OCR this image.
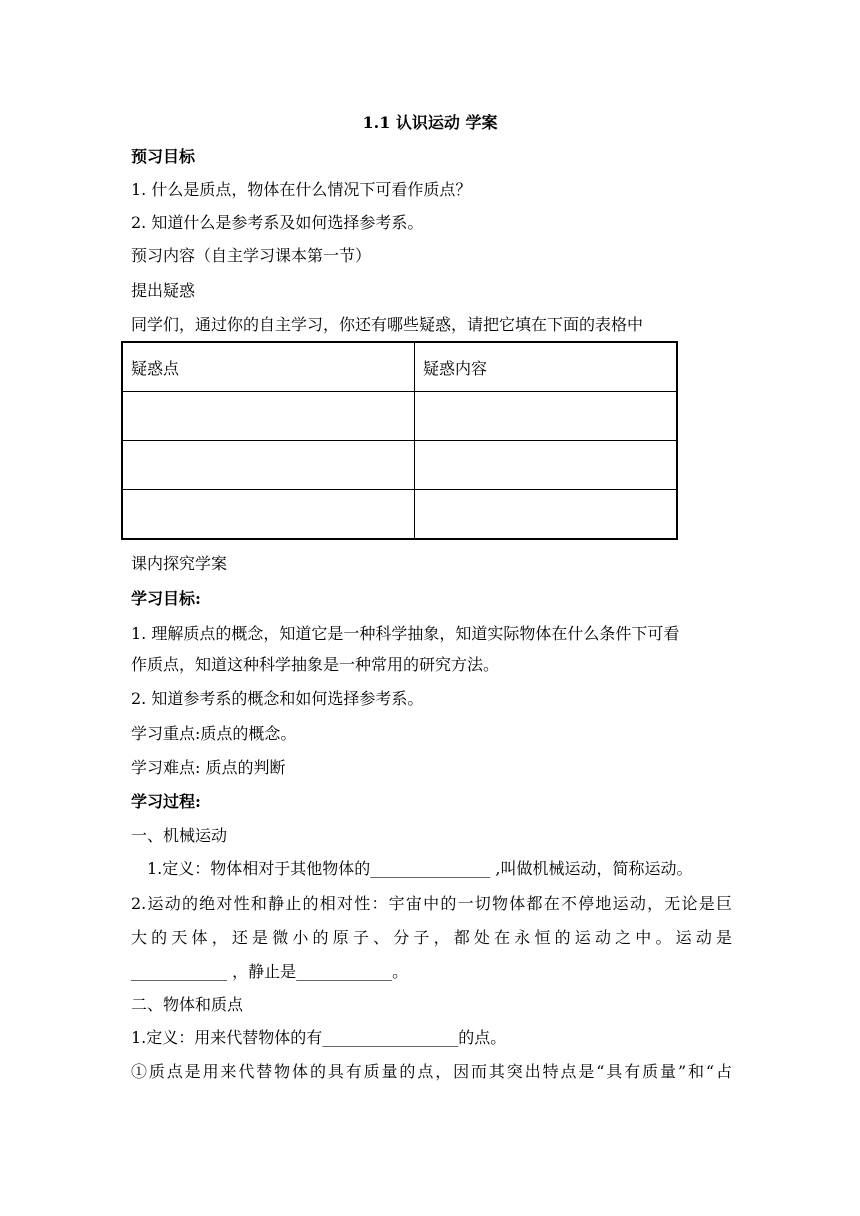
1.1 认识运动 学案
预习目标
1. 什么是质点，物体在什么情况下可看作质点？
2. 知道什么是参考系及如何选择参考系。
预习内容（自主学习课本第一节）
提出疑惑
同学们，通过你的自主学习，你还有哪些疑惑，请把它填在下面的表格中
疑惑点	疑惑内容

课内探究学案
学习目标:
1. 理解质点的概念，知道它是一种科学抽象，知道实际物体在什么条件下可看
作质点，知道这种科学抽象是一种常用的研究方法。
2. 知道参考系的概念和如何选择参考系。
学习重点:质点的概念。
学习难点: 质点的判断
学习过程:
一、机械运动
1.定义：物体相对于其他物体的_______________ ,叫做机械运动，简称运动。
2.运动的绝对性和静止的相对性：宇宙中的一切物体都在不停地运动，无论是巨
大的天体，还是微小的原子、分子，都处在永恒的运动之中。运动是
____________ ，静止是____________。
二、物体和质点
1.定义：用来代替物体的有_________________的点。
①质点是用来代替物体的具有质量的点，因而其突出特点是“具有质量”和“占
